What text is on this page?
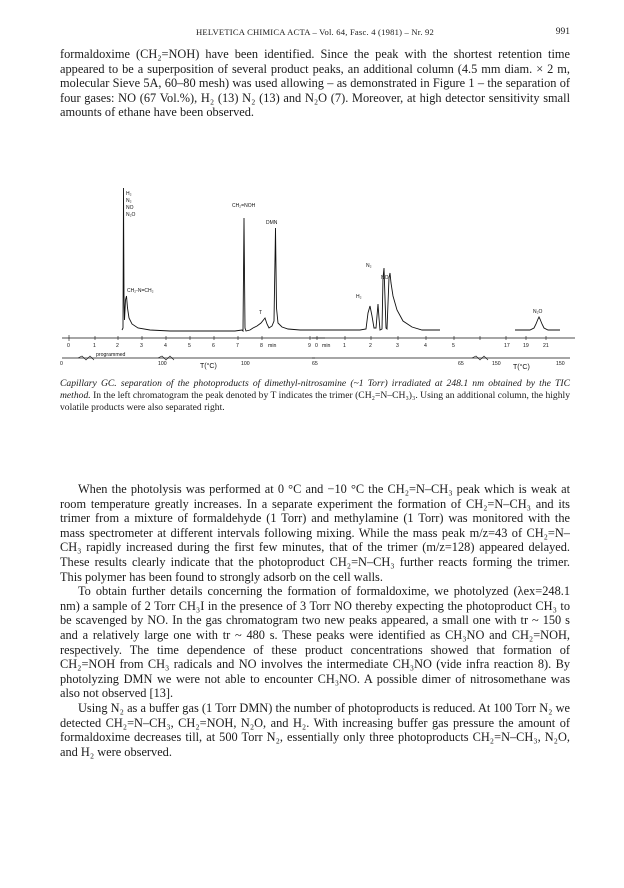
HELVETICA CHIMICA ACTA – Vol. 64, Fasc. 4 (1981) – Nr. 92	991

formaldoxime (CH₂=NOH) have been identified. Since the peak with the shortest retention time appeared to be a superposition of several product peaks, an additional column (4.5 mm diam. × 2 m, molecular Sieve 5A, 60–80 mesh) was used allowing – as demonstrated in Figure 1 – the separation of four gases: NO (67 Vol.%), H₂ (13) N₂ (13) and N₂O (7). Moreover, at high detector sensitivity small amounts of ethane have been observed.

H₂
N₂
NO
N₂O
CH₂=NOH
DMN
CH₂-N=CH₂
T
0	1	2	3	4	5	6	7	8 min	9
programmed
0	100	100
T(°C)
N₂
H₂
NO
N₂O
0 min 1	2	3	4	5	17	19	21
65	65	150	150
T(°C)

Capillary GC. separation of the photoproducts of dimethyl-nitrosamine (~1 Torr) irradiated at 248.1 nm obtained by the TIC method. In the left chromatogram the peak denoted by T indicates the trimer (CH₂=N–CH₃)₃. Using an additional column, the highly volatile products were also separated right.

When the photolysis was performed at 0 °C and −10 °C the CH₂=N–CH₃ peak which is weak at room temperature greatly increases. In a separate experiment the formation of CH₂=N–CH₃ and its trimer from a mixture of formaldehyde (1 Torr) and methylamine (1 Torr) was monitored with the mass spectrometer at different intervals following mixing. While the mass peak m/z=43 of CH₂=N–CH₃ rapidly increased during the first few minutes, that of the trimer (m/z=128) appeared delayed. These results clearly indicate that the photoproduct CH₂=N–CH₃ further reacts forming the trimer. This polymer has been found to strongly adsorb on the cell walls.

To obtain further details concerning the formation of formaldoxime, we photolyzed (λex=248.1 nm) a sample of 2 Torr CH₃I in the presence of 3 Torr NO thereby expecting the photoproduct CH₃ to be scavenged by NO. In the gas chromatogram two new peaks appeared, a small one with tr ~ 150 s and a relatively large one with tr ~ 480 s. These peaks were identified as CH₃NO and CH₂=NOH, respectively. The time dependence of these product concentrations showed that formation of CH₂=NOH from CH₃ radicals and NO involves the intermediate CH₃NO (vide infra reaction 8). By photolyzing DMN we were not able to encounter CH₃NO. A possible dimer of nitrosomethane was also not observed [13].

Using N₂ as a buffer gas (1 Torr DMN) the number of photoproducts is reduced. At 100 Torr N₂ we detected CH₂=N–CH₃, CH₂=NOH, N₂O, and H₂. With increasing buffer gas pressure the amount of formaldoxime decreases till, at 500 Torr N₂, essentially only three photoproducts CH₂=N–CH₃, N₂O, and H₂ were observed.
